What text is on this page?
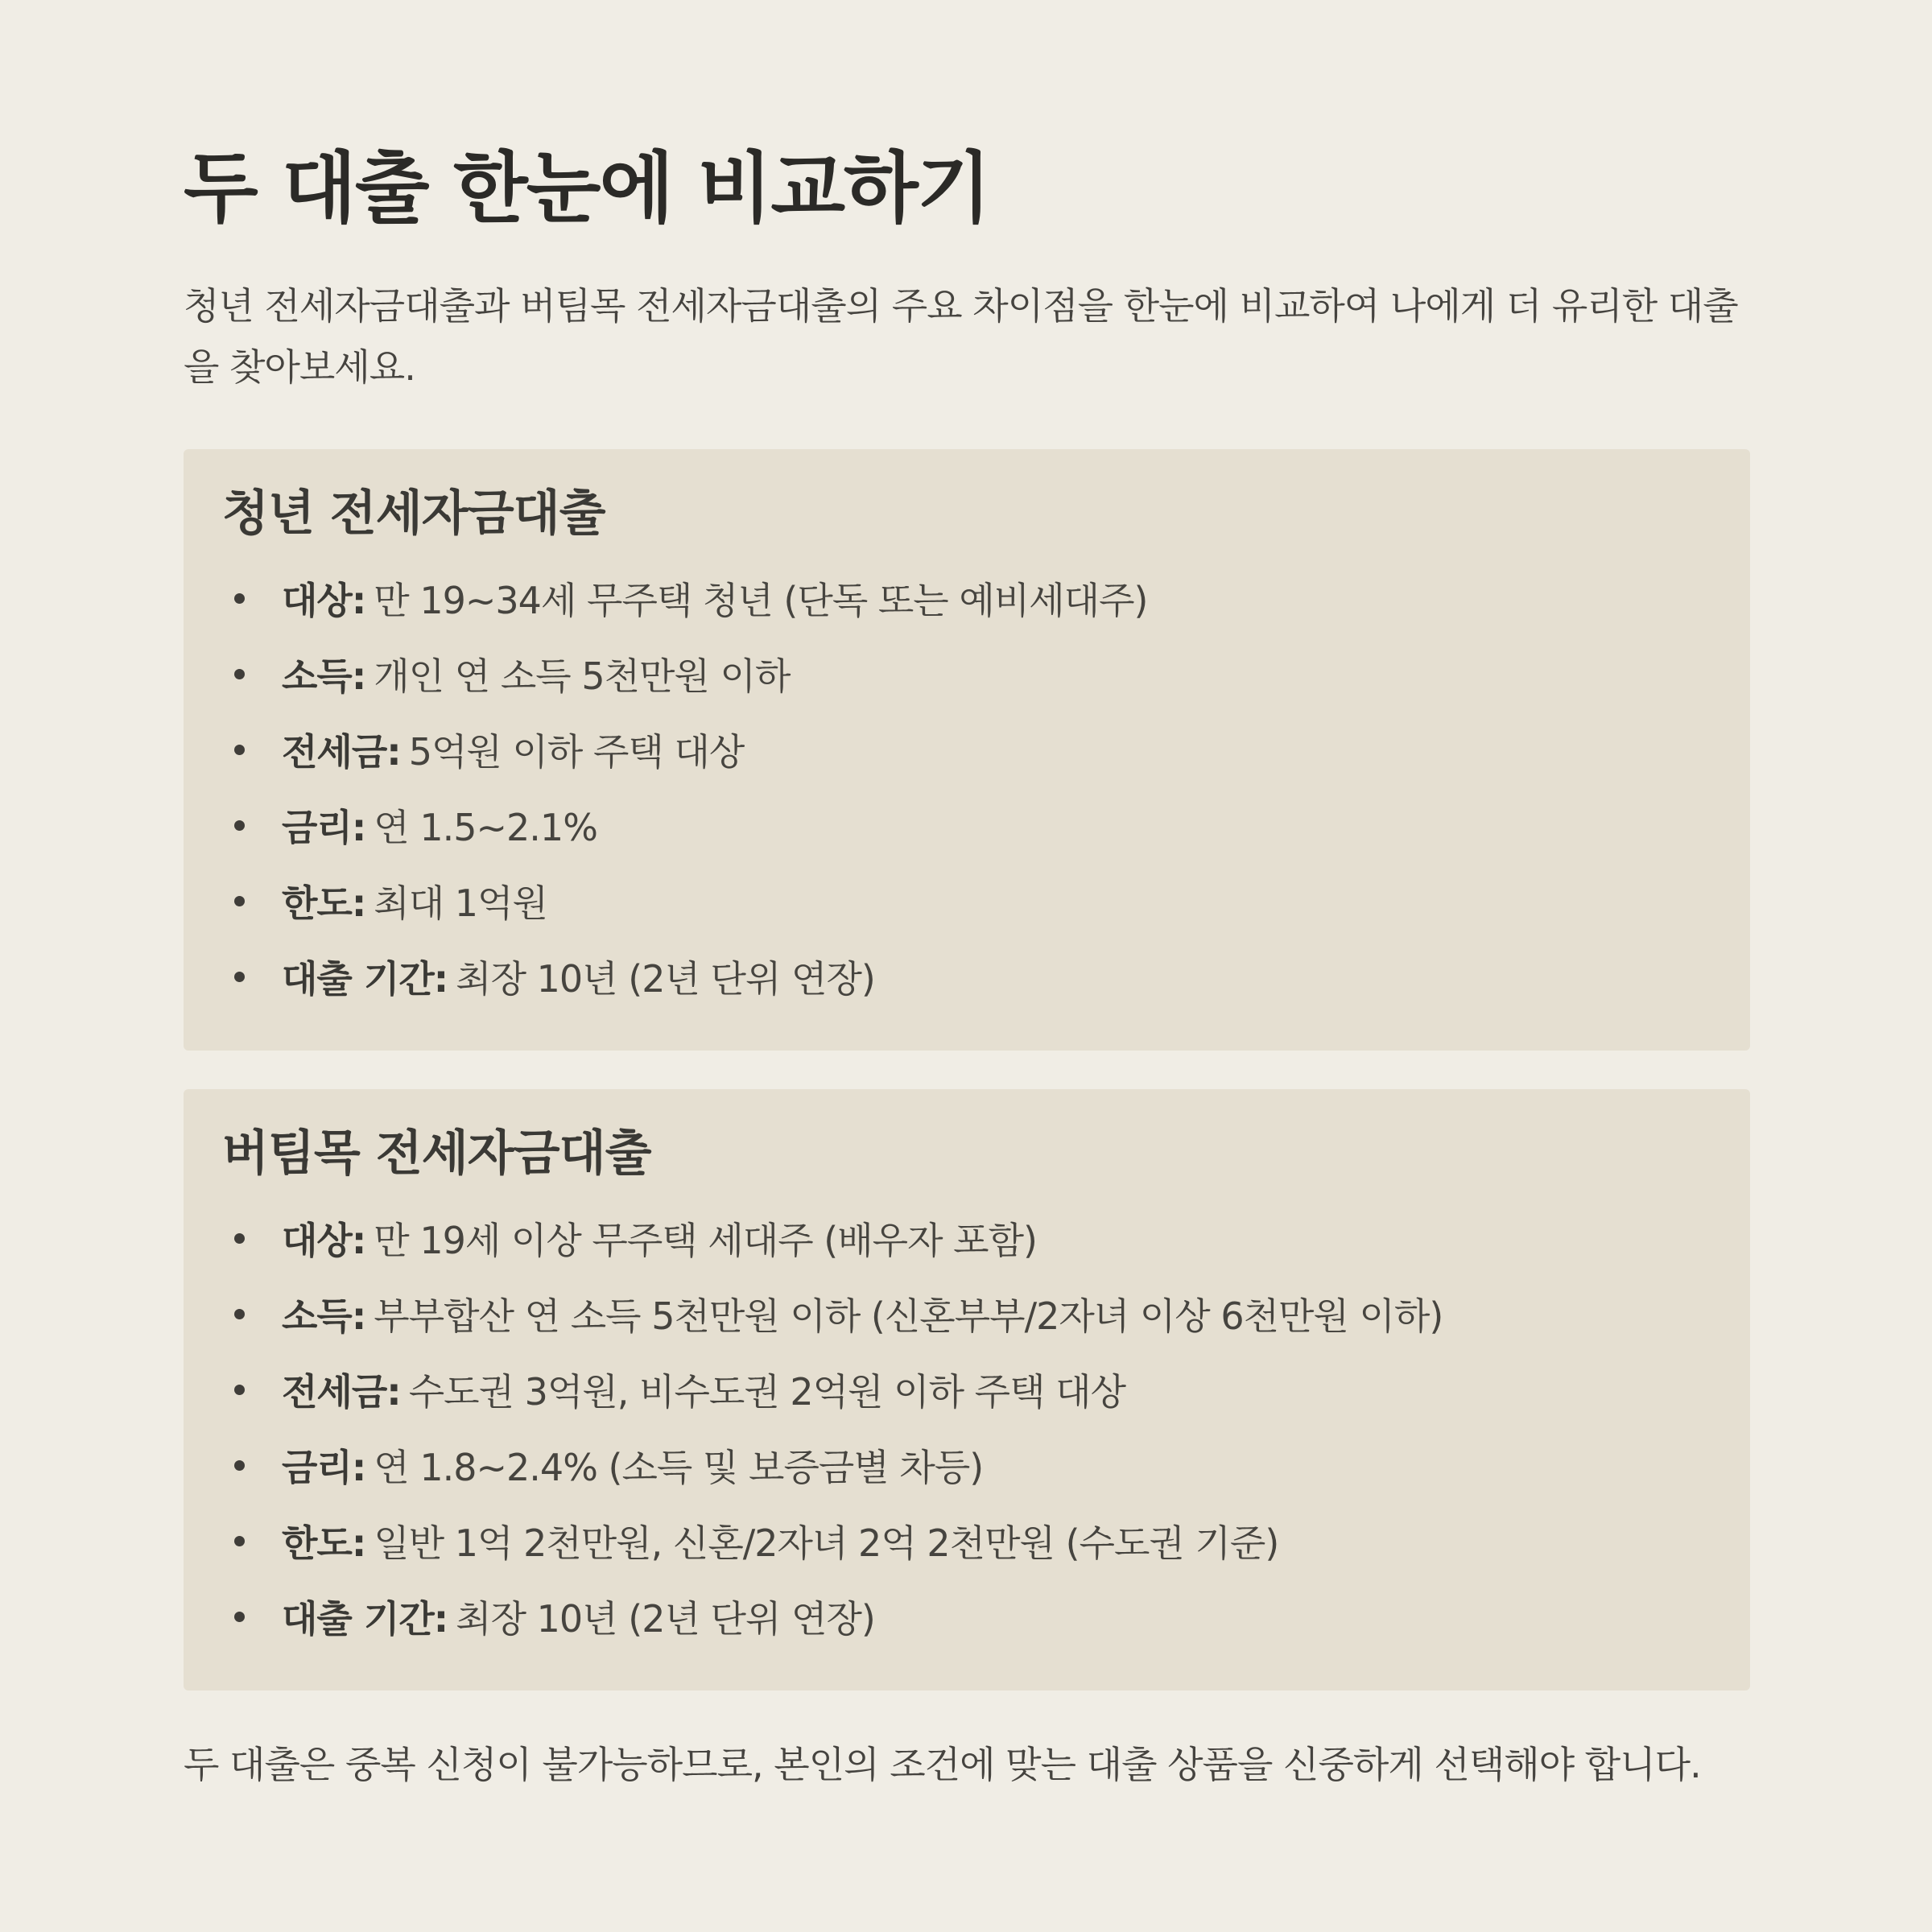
두 대출 한눈에 비교하기

청년 전세자금대출과 버팀목 전세자금대출의 주요 차이점을 한눈에 비교하여 나에게 더 유리한 대출을 찾아보세요.

청년 전세자금대출
대상: 만 19~34세 무주택 청년 (단독 또는 예비세대주)
소득: 개인 연 소득 5천만원 이하
전세금: 5억원 이하 주택 대상
금리: 연 1.5~2.1%
한도: 최대 1억원
대출 기간: 최장 10년 (2년 단위 연장)
버팀목 전세자금대출
대상: 만 19세 이상 무주택 세대주 (배우자 포함)
소득: 부부합산 연 소득 5천만원 이하 (신혼부부/2자녀 이상 6천만원 이하)
전세금: 수도권 3억원, 비수도권 2억원 이하 주택 대상
금리: 연 1.8~2.4% (소득 및 보증금별 차등)
한도: 일반 1억 2천만원, 신혼/2자녀 2억 2천만원 (수도권 기준)
대출 기간: 최장 10년 (2년 단위 연장)

두 대출은 중복 신청이 불가능하므로, 본인의 조건에 맞는 대출 상품을 신중하게 선택해야 합니다.
